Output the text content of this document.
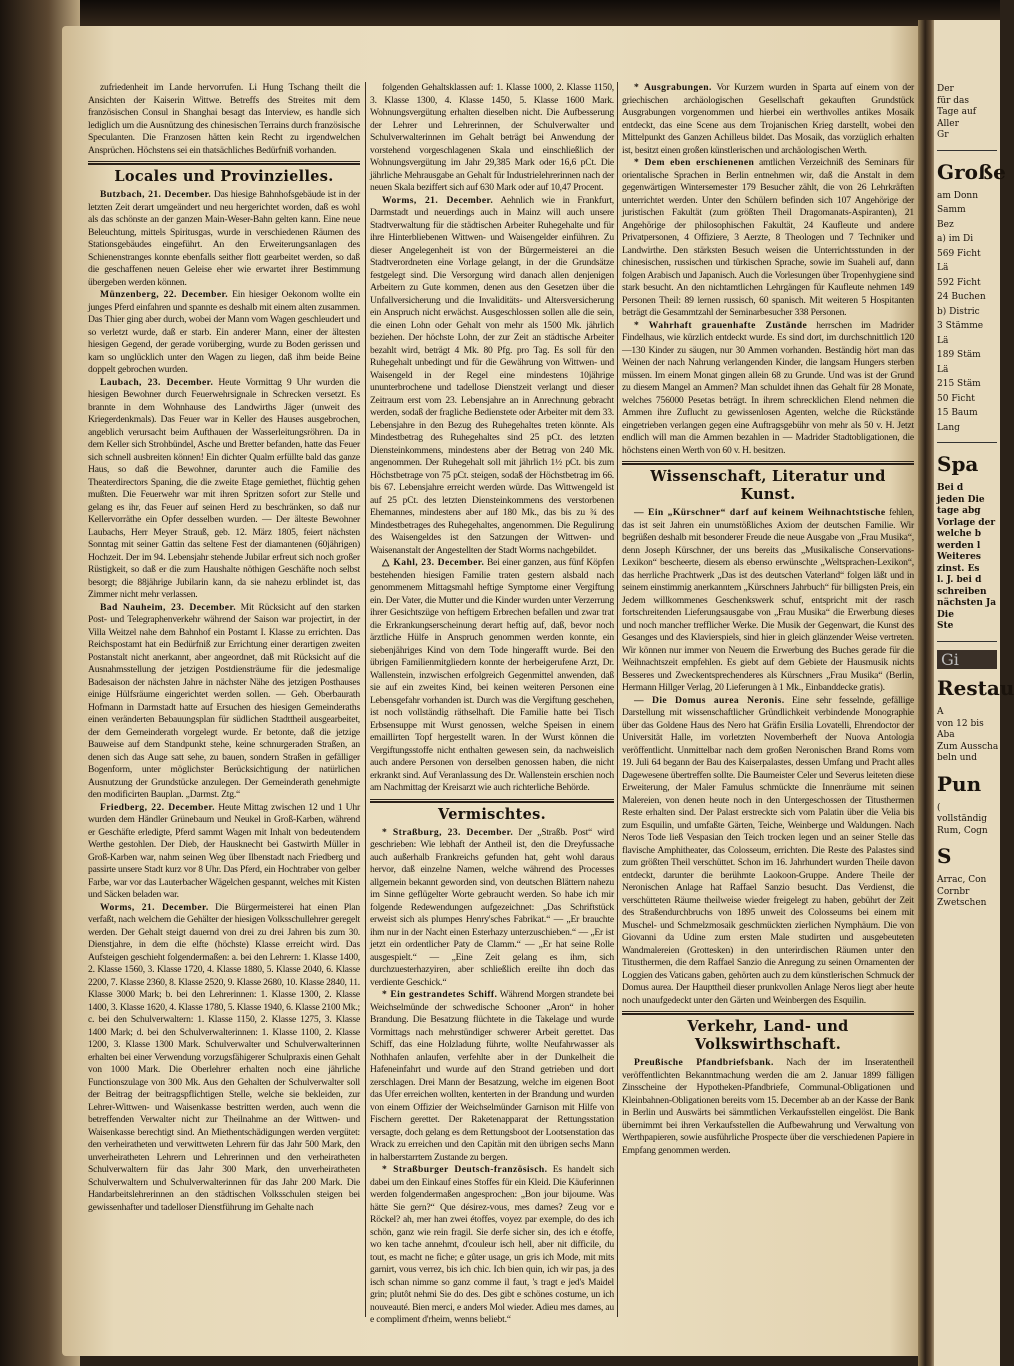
zufriedenheit im Lande hervorrufen. Li Hung Tschang theilt die Ansichten der Kaiserin Wittwe. Betreffs des Streites mit dem französischen Consul in Shanghai besagt das Interview, es handle sich lediglich um die Ausnützung des chinesischen Terrains durch französische Speculanten. Die Franzosen hätten kein Recht zu irgendwelchen Ansprüchen. Höchstens sei ein thatsächliches Bedürfniß vorhanden.

Locales und Provinzielles.

Butzbach, 21. December. Das hiesige Bahnhofsgebäude ist in der letzten Zeit derart umgeändert und neu hergerichtet worden, daß es wohl als das schönste an der ganzen Main-Weser-Bahn gelten kann. Eine neue Beleuchtung, mittels Spiritusgas, wurde in verschiedenen Räumen des Stationsgebäudes eingeführt. An den Erweiterungsanlagen des Schienenstranges konnte ebenfalls seither flott gearbeitet werden, so daß die geschaffenen neuen Geleise eher wie erwartet ihrer Bestimmung übergeben werden können.

Münzenberg, 22. December. Ein hiesiger Oekonom wollte ein junges Pferd einfahren und spannte es deshalb mit einem alten zusammen. Das Thier ging aber durch, wobei der Mann vom Wagen geschleudert und so verletzt wurde, daß er starb. Ein anderer Mann, einer der ältesten hiesigen Gegend, der gerade vorüberging, wurde zu Boden gerissen und kam so unglücklich unter den Wagen zu liegen, daß ihm beide Beine doppelt gebrochen wurden.

Laubach, 23. December. Heute Vormittag 9 Uhr wurden die hiesigen Bewohner durch Feuerwehrsignale in Schrecken versetzt. Es brannte in dem Wohnhause des Landwirths Jäger (unweit des Kriegerdenkmals). Das Feuer war in Keller des Hauses ausgebrochen, angeblich verursacht beim Aufthauen der Wasserleitungsröhren. Da in dem Keller sich Strohbündel, Asche und Bretter befanden, hatte das Feuer sich schnell ausbreiten können! Ein dichter Qualm erfüllte bald das ganze Haus, so daß die Bewohner, darunter auch die Familie des Theaterdirectors Spaning, die die zweite Etage gemiethet, flüchtig gehen mußten. Die Feuerwehr war mit ihren Spritzen sofort zur Stelle und gelang es ihr, das Feuer auf seinen Herd zu beschränken, so daß nur Kellervorräthe ein Opfer desselben wurden. — Der älteste Bewohner Laubachs, Herr Meyer Strauß, geb. 12. März 1805, feiert nächsten Sonntag mit seiner Gattin das seltene Fest der diamantenen (60jährigen) Hochzeit. Der im 94. Lebensjahr stehende Jubilar erfreut sich noch großer Rüstigkeit, so daß er die zum Haushalte nöthigen Geschäfte noch selbst besorgt; die 88jährige Jubilarin kann, da sie nahezu erblindet ist, das Zimmer nicht mehr verlassen.

Bad Nauheim, 23. December. Mit Rücksicht auf den starken Post- und Telegraphenverkehr während der Saison war projectirt, in der Villa Weitzel nahe dem Bahnhof ein Postamt I. Klasse zu errichten. Das Reichspostamt hat ein Bedürfniß zur Errichtung einer derartigen zweiten Postanstalt nicht anerkannt, aber angeordnet, daß mit Rücksicht auf die Ausnahmsstellung der jetzigen Postdiensträume für die jedesmalige Badesaison der nächsten Jahre in nächster Nähe des jetzigen Posthauses einige Hülfsräume eingerichtet werden sollen. — Geh. Oberbaurath Hofmann in Darmstadt hatte auf Ersuchen des hiesigen Gemeinderaths einen veränderten Bebauungsplan für südlichen Stadttheil ausgearbeitet, der dem Gemeinderath vorgelegt wurde. Er betonte, daß die jetzige Bauweise auf dem Standpunkt stehe, keine schnurgeraden Straßen, an denen sich das Auge satt sehe, zu bauen, sondern Straßen in gefälliger Bogenform, unter möglichster Berücksichtigung der natürlichen Ausnutzung der Grundstücke anzulegen. Der Gemeinderath genehmigte den modificirten Bauplan. „Darmst. Ztg.“

Friedberg, 22. December. Heute Mittag zwischen 12 und 1 Uhr wurden dem Händler Grünebaum und Neukel in Groß-Karben, während er Geschäfte erledigte, Pferd sammt Wagen mit Inhalt von bedeutendem Werthe gestohlen. Der Dieb, der Hausknecht bei Gastwirth Müller in Groß-Karben war, nahm seinen Weg über Ilbenstadt nach Friedberg und passirte unsere Stadt kurz vor 8 Uhr. Das Pferd, ein Hochtraber von gelber Farbe, war vor das Lauterbacher Wägelchen gespannt, welches mit Kisten und Säcken beladen war.

Worms, 21. December. Die Bürgermeisterei hat einen Plan verfaßt, nach welchem die Gehälter der hiesigen Volksschullehrer geregelt werden. Der Gehalt steigt dauernd von drei zu drei Jahren bis zum 30. Dienstjahre, in dem die elfte (höchste) Klasse erreicht wird. Das Aufsteigen geschieht folgendermaßen: a. bei den Lehrern: 1. Klasse 1400, 2. Klasse 1560, 3. Klasse 1720, 4. Klasse 1880, 5. Klasse 2040, 6. Klasse 2200, 7. Klasse 2360, 8. Klasse 2520, 9. Klasse 2680, 10. Klasse 2840, 11. Klasse 3000 Mark; b. bei den Lehrerinnen: 1. Klasse 1300, 2. Klasse 1400, 3. Klasse 1620, 4. Klasse 1780, 5. Klasse 1940, 6. Klasse 2100 Mk.; c. bei den Schulverwaltern: 1. Klasse 1150, 2. Klasse 1275, 3. Klasse 1400 Mark; d. bei den Schulverwalterinnen: 1. Klasse 1100, 2. Klasse 1200, 3. Klasse 1300 Mark. Schulverwalter und Schulverwalterinnen erhalten bei einer Verwendung vorzugsfähigerer Schulpraxis einen Gehalt von 1000 Mark. Die Oberlehrer erhalten noch eine jährliche Functionszulage von 300 Mk. Aus den Gehalten der Schulverwalter soll der Beitrag der beitragspflichtigen Stelle, welche sie bekleiden, zur Lehrer-Wittwen- und Waisenkasse bestritten werden, auch wenn die betreffenden Verwalter nicht zur Theilnahme an der Wittwen- und Waisenkasse berechtigt sind. An Miethentschädigungen werden vergütet: den verheiratheten und verwittweten Lehrern für das Jahr 500 Mark, den unverheiratheten Lehrern und Lehrerinnen und den verheiratheten Schulverwaltern für das Jahr 300 Mark, den unverheiratheten Schulverwaltern und Schulverwalterinnen für das Jahr 200 Mark. Die Handarbeitslehrerinnen an den städtischen Volksschulen steigen bei gewissenhafter und tadelloser Dienstführung im Gehalte nach

folgenden Gehaltsklassen auf: 1. Klasse 1000, 2. Klasse 1150, 3. Klasse 1300, 4. Klasse 1450, 5. Klasse 1600 Mark. Wohnungsvergütung erhalten dieselben nicht. Die Aufbesserung der Lehrer und Lehrerinnen, der Schulverwalter und Schulverwalterinnen im Gehalt beträgt bei Anwendung der vorstehend vorgeschlagenen Skala und einschließlich der Wohnungsvergütung im Jahr 29,385 Mark oder 16,6 pCt. Die jährliche Mehrausgabe an Gehalt für Industrielehrerinnen nach der neuen Skala beziffert sich auf 630 Mark oder auf 10,47 Procent.

Worms, 21. December. Aehnlich wie in Frankfurt, Darmstadt und neuerdings auch in Mainz will auch unsere Stadtverwaltung für die städtischen Arbeiter Ruhegehalte und für ihre Hinterbliebenen Wittwen- und Waisengelder einführen. Zu dieser Angelegenheit ist von der Bürgermeisterei an die Stadtverordneten eine Vorlage gelangt, in der die Grundsätze festgelegt sind. Die Versorgung wird danach allen denjenigen Arbeitern zu Gute kommen, denen aus den Gesetzen über die Unfallversicherung und die Invaliditäts- und Altersversicherung ein Anspruch nicht erwächst. Ausgeschlossen sollen alle die sein, die einen Lohn oder Gehalt von mehr als 1500 Mk. jährlich beziehen. Der höchste Lohn, der zur Zeit an städtische Arbeiter bezahlt wird, beträgt 4 Mk. 80 Pfg. pro Tag. Es soll für den Ruhegehalt unbedingt und für die Gewährung von Wittwen- und Waisengeld in der Regel eine mindestens 10jährige ununterbrochene und tadellose Dienstzeit verlangt und dieser Zeitraum erst vom 23. Lebensjahre an in Anrechnung gebracht werden, sodaß der fragliche Bedienstete oder Arbeiter mit dem 33. Lebensjahre in den Bezug des Ruhegehaltes treten könnte. Als Mindestbetrag des Ruhegehaltes sind 25 pCt. des letzten Diensteinkommens, mindestens aber der Betrag von 240 Mk. angenommen. Der Ruhegehalt soll mit jährlich 1½ pCt. bis zum Höchstbetrage von 75 pCt. steigen, sodaß der Höchstbetrag im 66. bis 67. Lebensjahre erreicht werden würde. Das Wittwengeld ist auf 25 pCt. des letzten Diensteinkommens des verstorbenen Ehemannes, mindestens aber auf 180 Mk., das bis zu ¾ des Mindestbetrages des Ruhegehaltes, angenommen. Die Regulirung des Waisengeldes ist den Satzungen der Wittwen- und Waisenanstalt der Angestellten der Stadt Worms nachgebildet.

△ Kahl, 23. December. Bei einer ganzen, aus fünf Köpfen bestehenden hiesigen Familie traten gestern alsbald nach genommenem Mittagsmahl heftige Symptome einer Vergiftung ein. Der Vater, die Mutter und die Kinder wurden unter Verzerrung ihrer Gesichtszüge von heftigem Erbrechen befallen und zwar trat die Erkrankungserscheinung derart heftig auf, daß, bevor noch ärztliche Hülfe in Anspruch genommen werden konnte, ein siebenjähriges Kind von dem Tode hingerafft wurde. Bei den übrigen Familienmitgliedern konnte der herbeigerufene Arzt, Dr. Wallenstein, inzwischen erfolgreich Gegenmittel anwenden, daß sie auf ein zweites Kind, bei keinen weiteren Personen eine Lebensgefahr vorhanden ist. Durch was die Vergiftung geschehen, ist noch vollständig räthselhaft. Die Familie hatte bei Tisch Erbsensuppe mit Wurst genossen, welche Speisen in einem emaillirten Topf hergestellt waren. In der Wurst können die Vergiftungsstoffe nicht enthalten gewesen sein, da nachweislich auch andere Personen von derselben genossen haben, die nicht erkrankt sind. Auf Veranlassung des Dr. Wallenstein erschien noch am Nachmittag der Kreisarzt wie auch richterliche Behörde.

Vermischtes.

* Straßburg, 23. December. Der „Straßb. Post“ wird geschrieben: Wie lebhaft der Antheil ist, den die Dreyfussache auch außerhalb Frankreichs gefunden hat, geht wohl daraus hervor, daß einzelne Namen, welche während des Processes allgemein bekannt geworden sind, von deutschen Blättern nahezu im Sinne geflügelter Worte gebraucht werden. So habe ich mir folgende Redewendungen aufgezeichnet: „Das Schriftstück erweist sich als plumpes Henry'sches Fabrikat.“ — „Er brauchte ihm nur in der Nacht einen Esterhazy unterzuschieben.“ — „Er ist jetzt ein ordentlicher Paty de Clamm.“ — „Er hat seine Rolle ausgespielt.“ — „Eine Zeit gelang es ihm, sich durchzuesterhazyiren, aber schließlich ereilte ihn doch das verdiente Geschick.“

* Ein gestrandetes Schiff. Während Morgen strandete bei Weichselmünde der schwedische Schooner „Aron“ in hoher Brandung. Die Besatzung flüchtete in die Takelage und wurde Vormittags nach mehrstündiger schwerer Arbeit gerettet. Das Schiff, das eine Holzladung führte, wollte Neufahrwasser als Nothhafen anlaufen, verfehlte aber in der Dunkelheit die Hafeneinfahrt und wurde auf den Strand getrieben und dort zerschlagen. Drei Mann der Besatzung, welche im eigenen Boot das Ufer erreichen wollten, kenterten in der Brandung und wurden von einem Offizier der Weichselmünder Garnison mit Hilfe von Fischern gerettet. Der Raketenapparat der Rettungsstation versagte, doch gelang es dem Rettungsboot der Lootsenstation das Wrack zu erreichen und den Capitän mit den übrigen sechs Mann in halberstarrtem Zustande zu bergen.

* Straßburger Deutsch-französisch. Es handelt sich dabei um den Einkauf eines Stoffes für ein Kleid. Die Käuferinnen werden folgendermaßen angesprochen: „Bon jour bijoume. Was hätte Sie gern?“ Que désirez-vous, mes dames? Zeug vor e Röckel? ah, mer han zwei étoffes, voyez par exemple, do des ich schön, ganz wie rein fragil. Sie derfe sicher sin, des ich e étoffe, wo ken tache annehmt, d'couleur isch hell, aber nit difficile, du tout, es macht ne fiche; e gûter usage, un gris ich Mode, mit mits garnirt, vous verrez, bis ich chic. Ich bien quin, ich wir pas, ja des isch schan nimme so ganz comme il faut, 's tragt e jed's Maidel grin; plutôt nehmi Sie do des. Des gibt e schönes costume, un ich nouveauté. Bien merci, e anders Mol wieder. Adieu mes dames, au e compliment d'rheim, wenns beliebt.“

* Ausgrabungen. Vor Kurzem wurden in Sparta auf einem von der griechischen archäologischen Gesellschaft gekauften Grundstück Ausgrabungen vorgenommen und hierbei ein werthvolles antikes Mosaik entdeckt, das eine Scene aus dem Trojanischen Krieg darstellt, wobei den Mittelpunkt des Ganzen Achilleus bildet. Das Mosaik, das vorzüglich erhalten ist, besitzt einen großen künstlerischen und archäologischen Werth.

* Dem eben erschienenen amtlichen Verzeichniß des Seminars für orientalische Sprachen in Berlin entnehmen wir, daß die Anstalt in dem gegenwärtigen Wintersemester 179 Besucher zählt, die von 26 Lehrkräften unterrichtet werden. Unter den Schülern befinden sich 107 Angehörige der juristischen Fakultät (zum größten Theil Dragomanats-Aspiranten), 21 Angehörige der philosophischen Fakultät, 24 Kaufleute und andere Privatpersonen, 4 Offiziere, 3 Aerzte, 8 Theologen und 7 Techniker und Landwirthe. Den stärksten Besuch weisen die Unterrichtsstunden in der chinesischen, russischen und türkischen Sprache, sowie im Suaheli auf, dann folgen Arabisch und Japanisch. Auch die Vorlesungen über Tropenhygiene sind stark besucht. An den nichtamtlichen Lehrgängen für Kaufleute nehmen 149 Personen Theil: 89 lernen russisch, 60 spanisch. Mit weiteren 5 Hospitanten beträgt die Gesammtzahl der Seminarbesucher 338 Personen.

* Wahrhaft grauenhafte Zustände herrschen im Madrider Findelhaus, wie kürzlich entdeckt wurde. Es sind dort, im durchschnittlich 120—130 Kinder zu säugen, nur 30 Ammen vorhanden. Beständig hört man das Weinen der nach Nahrung verlangenden Kinder, die langsam Hungers sterben müssen. Im einem Monat gingen allein 68 zu Grunde. Und was ist der Grund zu diesem Mangel an Ammen? Man schuldet ihnen das Gehalt für 28 Monate, welches 756000 Pesetas beträgt. In ihrem schrecklichen Elend nehmen die Ammen ihre Zuflucht zu gewissenlosen Agenten, welche die Rückstände eingetrieben verlangen gegen eine Auftragsgebühr von mehr als 50 v. H. Jetzt endlich will man die Ammen bezahlen in — Madrider Stadtobligationen, die höchstens einen Werth von 60 v. H. besitzen.

Wissenschaft, Literatur und Kunst.

— Ein „Kürschner“ darf auf keinem Weihnachtstische fehlen, das ist seit Jahren ein unumstößliches Axiom der deutschen Familie. Wir begrüßen deshalb mit besonderer Freude die neue Ausgabe von „Frau Musika“, denn Joseph Kürschner, der uns bereits das „Musikalische Conservations-Lexikon“ bescheerte, diesem als ebenso erwünschte „Weltsprachen-Lexikon“, das herrliche Prachtwerk „Das ist des deutschen Vaterland“ folgen läßt und in seinem einstimmig anerkanntem „Kürschners Jahrbuch“ für billigsten Preis, ein Jedem willkommenes Geschenkswerk schuf, entspricht mit der rasch fortschreitenden Lieferungsausgabe von „Frau Musika“ die Erwerbung dieses und noch mancher trefflicher Werke. Die Musik der Gegenwart, die Kunst des Gesanges und des Klavierspiels, sind hier in gleich glänzender Weise vertreten. Wir können nur immer von Neuem die Erwerbung des Buches gerade für die Weihnachtszeit empfehlen. Es giebt auf dem Gebiete der Hausmusik nichts Besseres und Zweckentsprechenderes als Kürschners „Frau Musika“ (Berlin, Hermann Hillger Verlag, 20 Lieferungen à 1 Mk., Einbanddecke gratis).

— Die Domus aurea Neronis. Eine sehr fesselnde, gefällige Darstellung mit wissenschaftlicher Gründlichkeit verbindende Monographie über das Goldene Haus des Nero hat Gräfin Ersilia Lovatelli, Ehrendoctor der Universität Halle, im vorletzten Novemberheft der Nuova Antologia veröffentlicht. Unmittelbar nach dem großen Neronischen Brand Roms vom 19. Juli 64 begann der Bau des Kaiserpalastes, dessen Umfang und Pracht alles Dagewesene übertreffen sollte. Die Baumeister Celer und Severus leiteten diese Erweiterung, der Maler Famulus schmückte die Innenräume mit seinen Malereien, von denen heute noch in den Untergeschossen der Titusthermen Reste erhalten sind. Der Palast erstreckte sich vom Palatin über die Velia bis zum Esquilin, und umfaßte Gärten, Teiche, Weinberge und Waldungen. Nach Neros Tode ließ Vespasian den Teich trocken legen und an seiner Stelle das flavische Amphitheater, das Colosseum, errichten. Die Reste des Palastes sind zum größten Theil verschüttet. Schon im 16. Jahrhundert wurden Theile davon entdeckt, darunter die berühmte Laokoon-Gruppe. Andere Theile der Neronischen Anlage hat Raffael Sanzio besucht. Das Verdienst, die verschütteten Räume theilweise wieder freigelegt zu haben, gebührt der Zeit des Straßendurchbruchs von 1895 unweit des Colosseums bei einem mit Muschel- und Schmelzmosaik geschmückten zierlichen Nymphäum. Die von Giovanni da Udine zum ersten Male studirten und ausgebeuteten Wandmalereien (Grottesken) in den unterirdischen Räumen unter den Titusthermen, die dem Raffael Sanzio die Anregung zu seinen Ornamenten der Loggien des Vaticans gaben, gehörten auch zu dem künstlerischen Schmuck der Domus aurea. Der Haupttheil dieser prunkvollen Anlage Neros liegt aber heute noch unaufgedeckt unter den Gärten und Weinbergen des Esquilin.

Verkehr, Land- und Volkswirthschaft.

Preußische Pfandbriefsbank. Nach der im Inseratentheil veröffentlichten Bekanntmachung werden die am 2. Januar 1899 fälligen Zinsscheine der Hypotheken-Pfandbriefe, Communal-Obligationen und Kleinbahnen-Obligationen bereits vom 15. December ab an der Kasse der Bank in Berlin und Auswärts bei sämmtlichen Verkaufsstellen eingelöst. Die Bank übernimmt bei ihren Verkaufsstellen die Aufbewahrung und Verwaltung von Werthpapieren, sowie ausführliche Prospecte über die verschiedenen Papiere in Empfang genommen werden.

Der
für das
Tage auf
Aller
Gr
Große
am Donn
Samm
Bez
a) im Di
569 Ficht
Lä
592 Ficht
24 Buchen
b) Distric
3 Stämme
Lä
189 Stäm
Lä
215 Stäm
50 Ficht
15 Baum
Lang
Spa
Bei d
jeden Die
tage abg
Vorlage der
welche b
werden l
Weiteres
zinst. Es
l. J. bei d
schreiben
nächsten Ja
Die
Ste
Gi
Restau
A
von 12 bis
Aba
Zum Ausscha
beln und
Pun
(
vollständig
Rum, Cogn
S
Arrac, Con
Cornbr
Zwetschen
